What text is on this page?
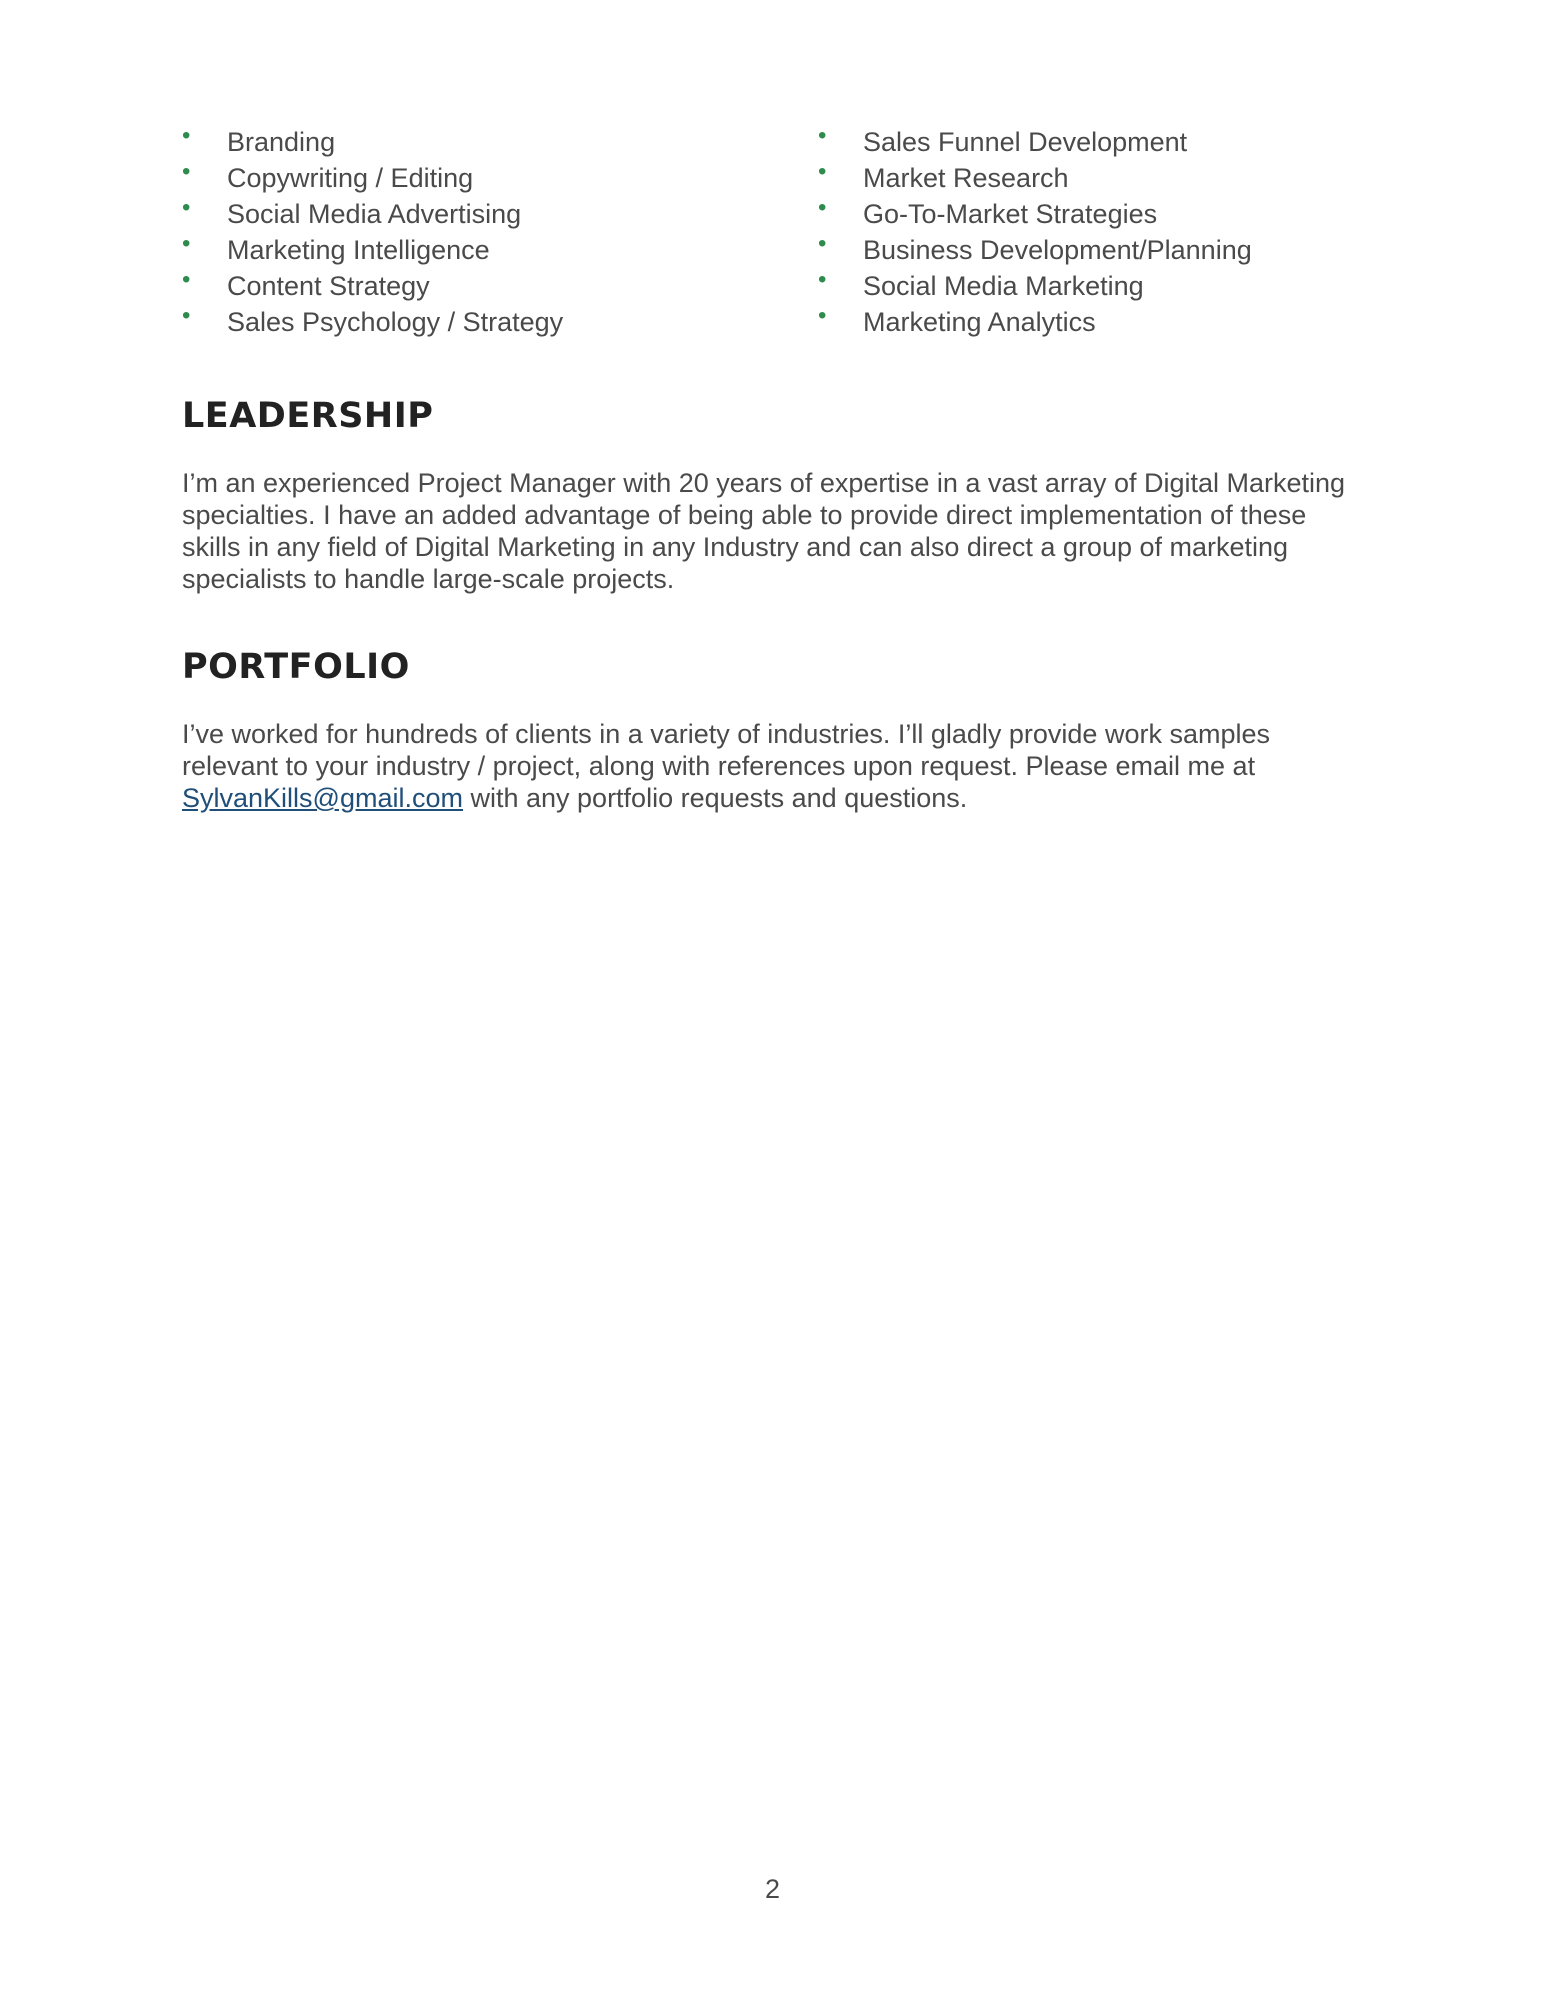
• Branding
• Copywriting / Editing
• Social Media Advertising
• Marketing Intelligence
• Content Strategy
• Sales Psychology / Strategy
• Sales Funnel Development
• Market Research
• Go-To-Market Strategies
• Business Development/Planning
• Social Media Marketing
• Marketing Analytics
LEADERSHIP

I’m an experienced Project Manager with 20 years of expertise in a vast array of Digital Marketing specialties. I have an added advantage of being able to provide direct implementation of these skills in any field of Digital Marketing in any Industry and can also direct a group of marketing specialists to handle large-scale projects.

PORTFOLIO

I’ve worked for hundreds of clients in a variety of industries. I’ll gladly provide work samples relevant to your industry / project, along with references upon request. Please email me at SylvanKills@gmail.com with any portfolio requests and questions.

2
